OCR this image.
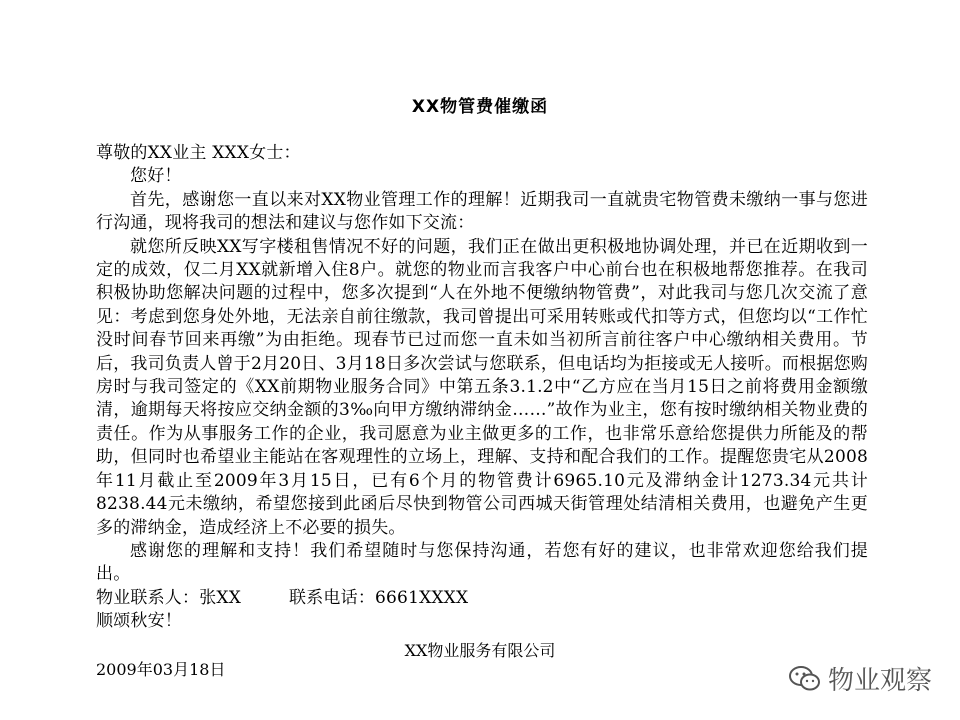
XX物管费催缴函

尊敬的XX业主 XXX女士：

您好！

首先，感谢您一直以来对XX物业管理工作的理解！近期我司一直就贵宅物管费未缴纳一事与您进行沟通，现将我司的想法和建议与您作如下交流：

就您所反映XX写字楼租售情况不好的问题，我们正在做出更积极地协调处理，并已在近期收到一定的成效，仅二月XX就新增入住8户。就您的物业而言我客户中心前台也在积极地帮您推荐。在我司积极协助您解决问题的过程中，您多次提到“人在外地不便缴纳物管费”，对此我司与您几次交流了意见：考虑到您身处外地，无法亲自前往缴款，我司曾提出可采用转账或代扣等方式，但您均以“工作忙没时间春节回来再缴”为由拒绝。现春节已过而您一直未如当初所言前往客户中心缴纳相关费用。节后，我司负责人曾于2月20日、3月18日多次尝试与您联系，但电话均为拒接或无人接听。而根据您购房时与我司签定的《XX前期物业服务合同》中第五条3.1.2中“乙方应在当月15日之前将费用金额缴清，逾期每天将按应交纳金额的3‰向甲方缴纳滞纳金……”故作为业主，您有按时缴纳相关物业费的责任。作为从事服务工作的企业，我司愿意为业主做更多的工作，也非常乐意给您提供力所能及的帮助，但同时也希望业主能站在客观理性的立场上，理解、支持和配合我们的工作。提醒您贵宅从2008年11月截止至2009年3月15日，已有6个月的物管费计6965.10元及滞纳金计1273.34元共计8238.44元未缴纳，希望您接到此函后尽快到物管公司西城天街管理处结清相关费用，也避免产生更多的滞纳金，造成经济上不必要的损失。

感谢您的理解和支持！我们希望随时与您保持沟通，若您有好的建议，也非常欢迎您给我们提出。

物业联系人：张XX	联系电话：6661XXXX

顺颂秋安！

XX物业服务有限公司
2009年03月18日	物业观察
